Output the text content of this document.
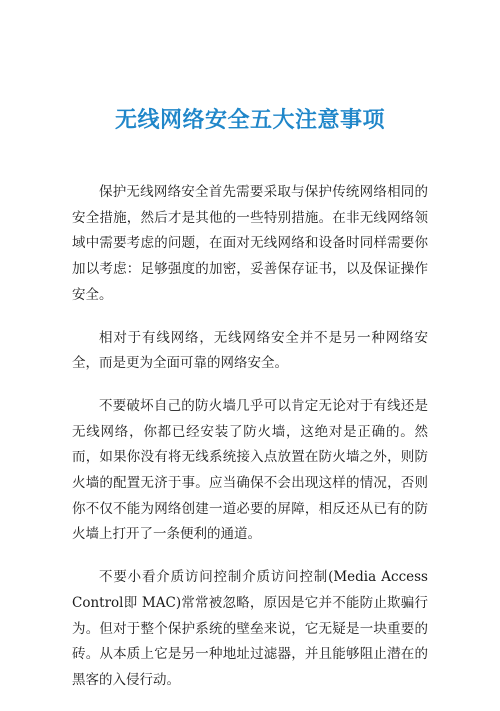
无线网络安全五大注意事项

保护无线网络安全首先需要采取与保护传统网络相同的安全措施，然后才是其他的一些特别措施。在非无线网络领域中需要考虑的问题，在面对无线网络和设备时同样需要你加以考虑：足够强度的加密，妥善保存证书，以及保证操作安全。

相对于有线网络，无线网络安全并不是另一种网络安全，而是更为全面可靠的网络安全。

不要破坏自己的防火墙几乎可以肯定无论对于有线还是无线网络，你都已经安装了防火墙，这绝对是正确的。然而，如果你没有将无线系统接入点放置在防火墙之外，则防火墙的配置无济于事。应当确保不会出现这样的情况，否则你不仅不能为网络创建一道必要的屏障，相反还从已有的防火墙上打开了一条便利的通道。

不要小看介质访问控制介质访问控制(Media Access Control即 MAC)常常被忽略，原因是它并不能防止欺骗行为。但对于整个保护系统的壁垒来说，它无疑是一块重要的砖。从本质上它是另一种地址过滤器，并且能够阻止潜在的黑客的入侵行动。
